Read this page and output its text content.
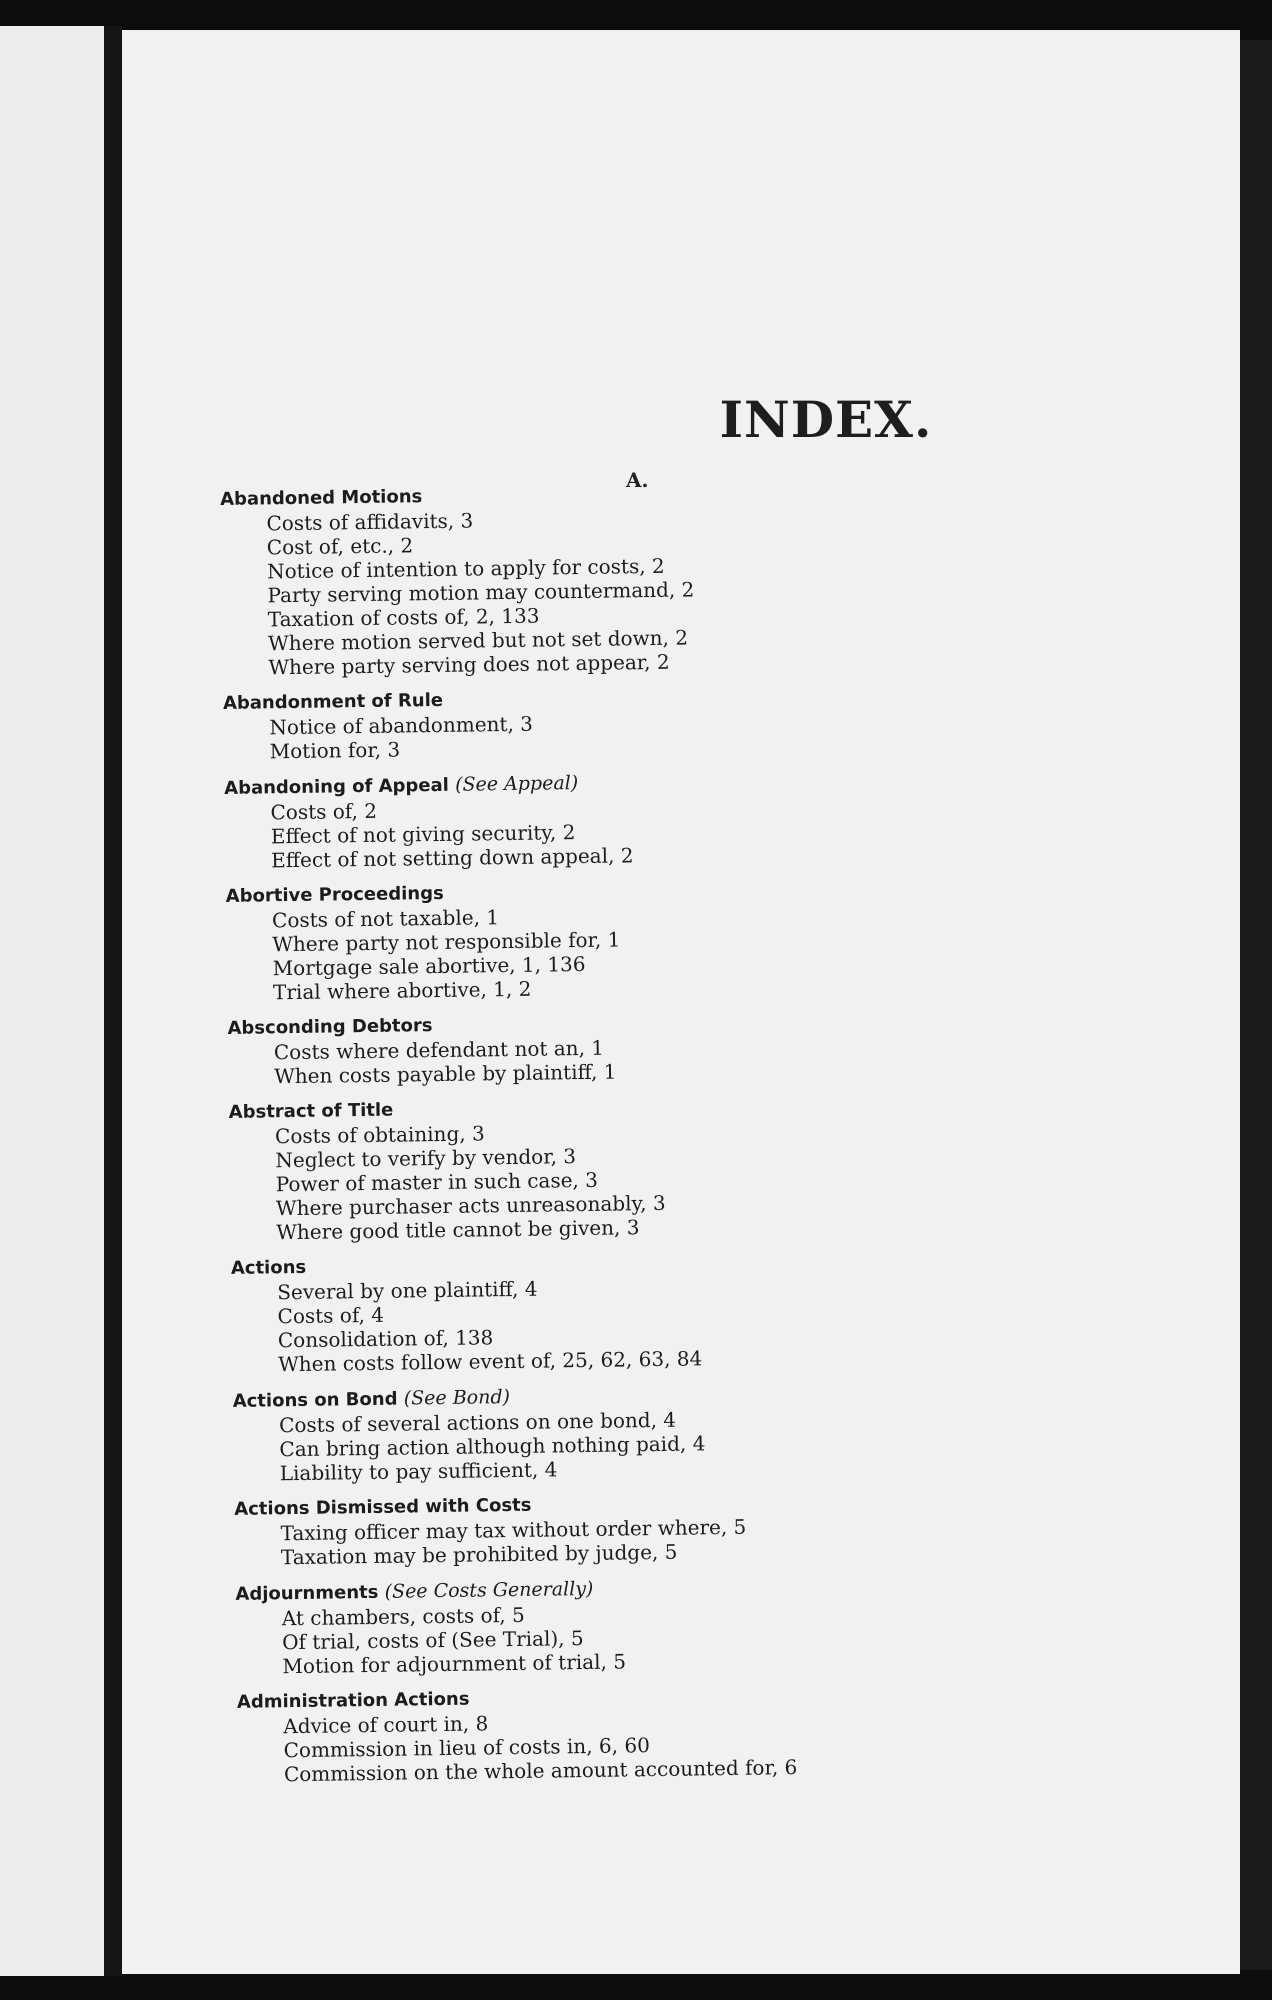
INDEX.
A.
Abandoned Motions
Costs of affidavits, 3
Cost of, etc., 2
Notice of intention to apply for costs, 2
Party serving motion may countermand, 2
Taxation of costs of, 2, 133
Where motion served but not set down, 2
Where party serving does not appear, 2
Abandonment of Rule
Notice of abandonment, 3
Motion for, 3
Abandoning of Appeal (See Appeal)
Costs of, 2
Effect of not giving security, 2
Effect of not setting down appeal, 2
Abortive Proceedings
Costs of not taxable, 1
Where party not responsible for, 1
Mortgage sale abortive, 1, 136
Trial where abortive, 1, 2
Absconding Debtors
Costs where defendant not an, 1
When costs payable by plaintiff, 1
Abstract of Title
Costs of obtaining, 3
Neglect to verify by vendor, 3
Power of master in such case, 3
Where purchaser acts unreasonably, 3
Where good title cannot be given, 3
Actions
Several by one plaintiff, 4
Costs of, 4
Consolidation of, 138
When costs follow event of, 25, 62, 63, 84
Actions on Bond (See Bond)
Costs of several actions on one bond, 4
Can bring action although nothing paid, 4
Liability to pay sufficient, 4
Actions Dismissed with Costs
Taxing officer may tax without order where, 5
Taxation may be prohibited by judge, 5
Adjournments (See Costs Generally)
At chambers, costs of, 5
Of trial, costs of (See Trial), 5
Motion for adjournment of trial, 5
Administration Actions
Advice of court in, 8
Commission in lieu of costs in, 6, 60
Commission on the whole amount accounted for, 6
